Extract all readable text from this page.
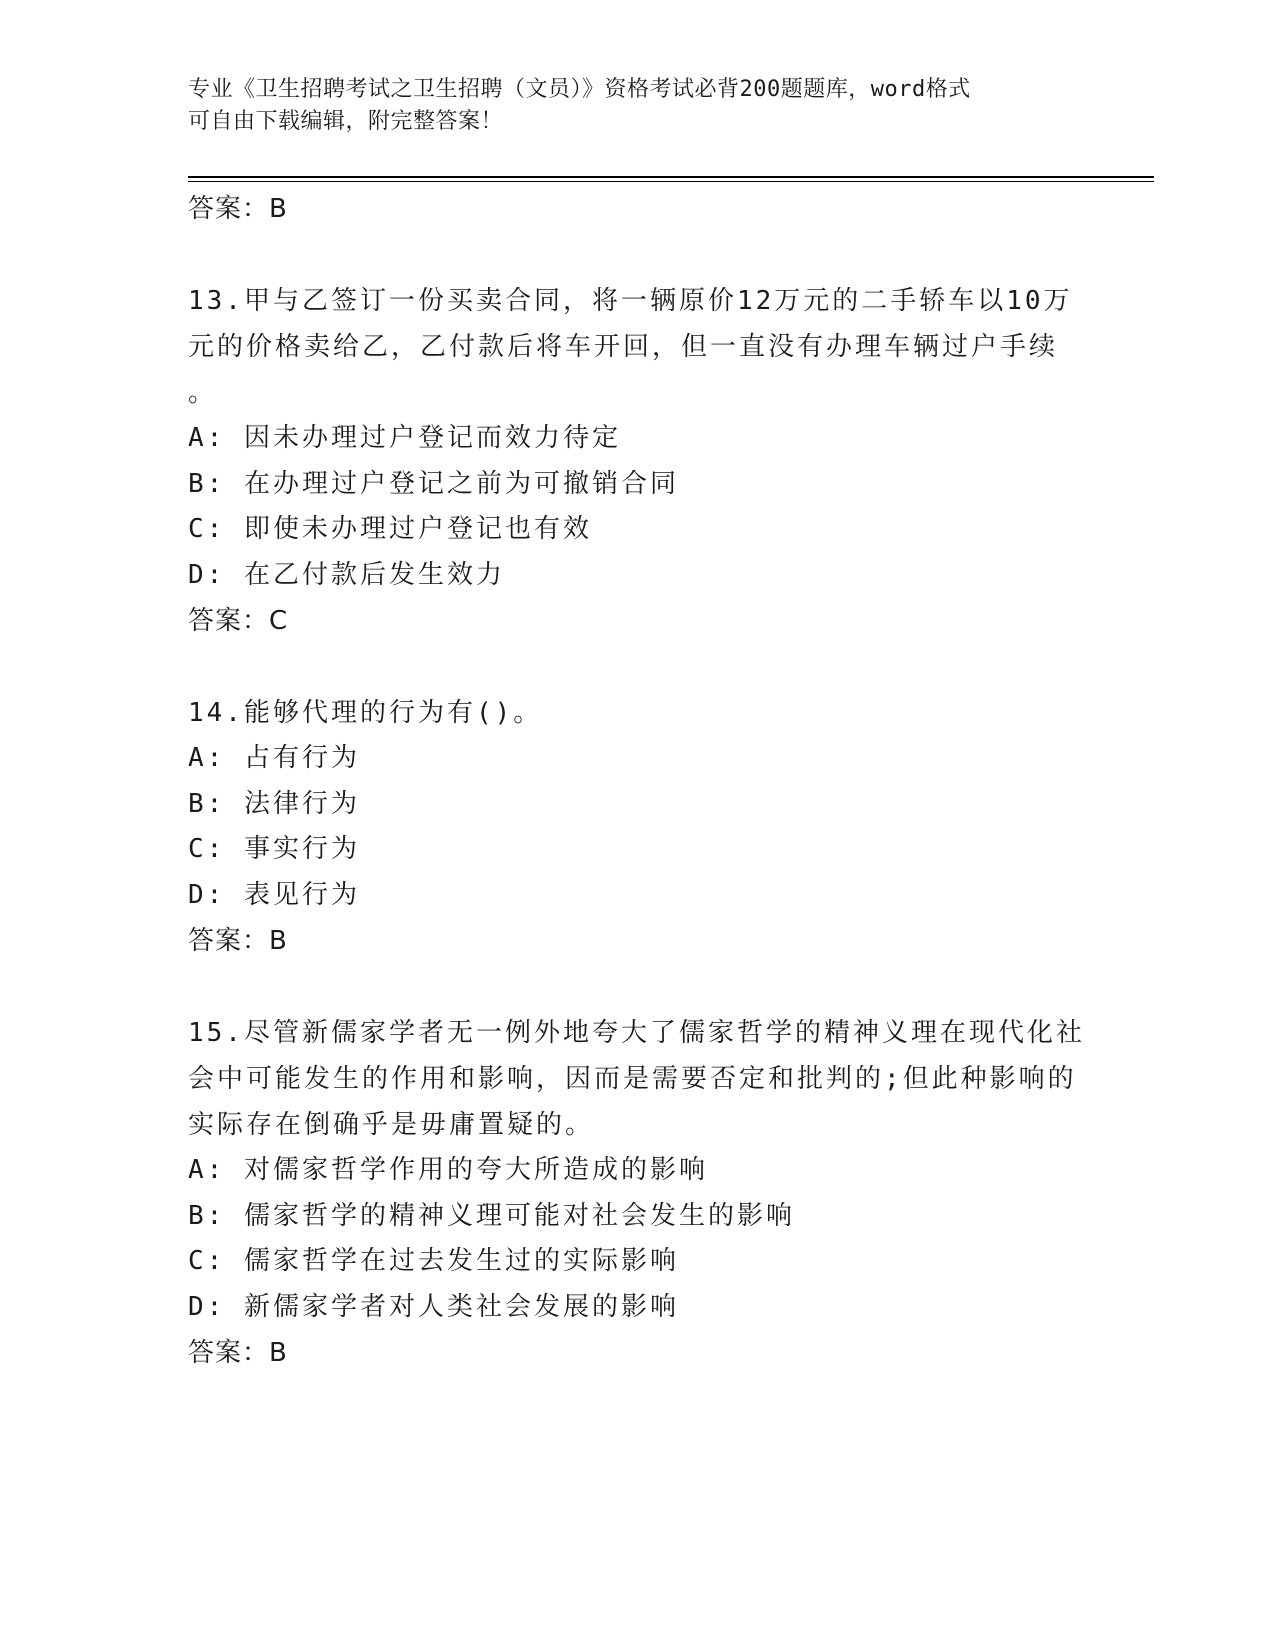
专业《卫生招聘考试之卫生招聘（文员）》资格考试必背200题题库，word格式
可自由下载编辑，附完整答案！
答案：B
13.甲与乙签订一份买卖合同，将一辆原价12万元的二手轿车以10万
元的价格卖给乙，乙付款后将车开回，但一直没有办理车辆过户手续
。
A: 因未办理过户登记而效力待定
B: 在办理过户登记之前为可撤销合同
C: 即使未办理过户登记也有效
D: 在乙付款后发生效力
答案：C
14.能够代理的行为有()。
A: 占有行为
B: 法律行为
C: 事实行为
D: 表见行为
答案：B
15.尽管新儒家学者无一例外地夸大了儒家哲学的精神义理在现代化社
会中可能发生的作用和影响，因而是需要否定和批判的;但此种影响的
实际存在倒确乎是毋庸置疑的。
A: 对儒家哲学作用的夸大所造成的影响
B: 儒家哲学的精神义理可能对社会发生的影响
C: 儒家哲学在过去发生过的实际影响
D: 新儒家学者对人类社会发展的影响
答案：B
